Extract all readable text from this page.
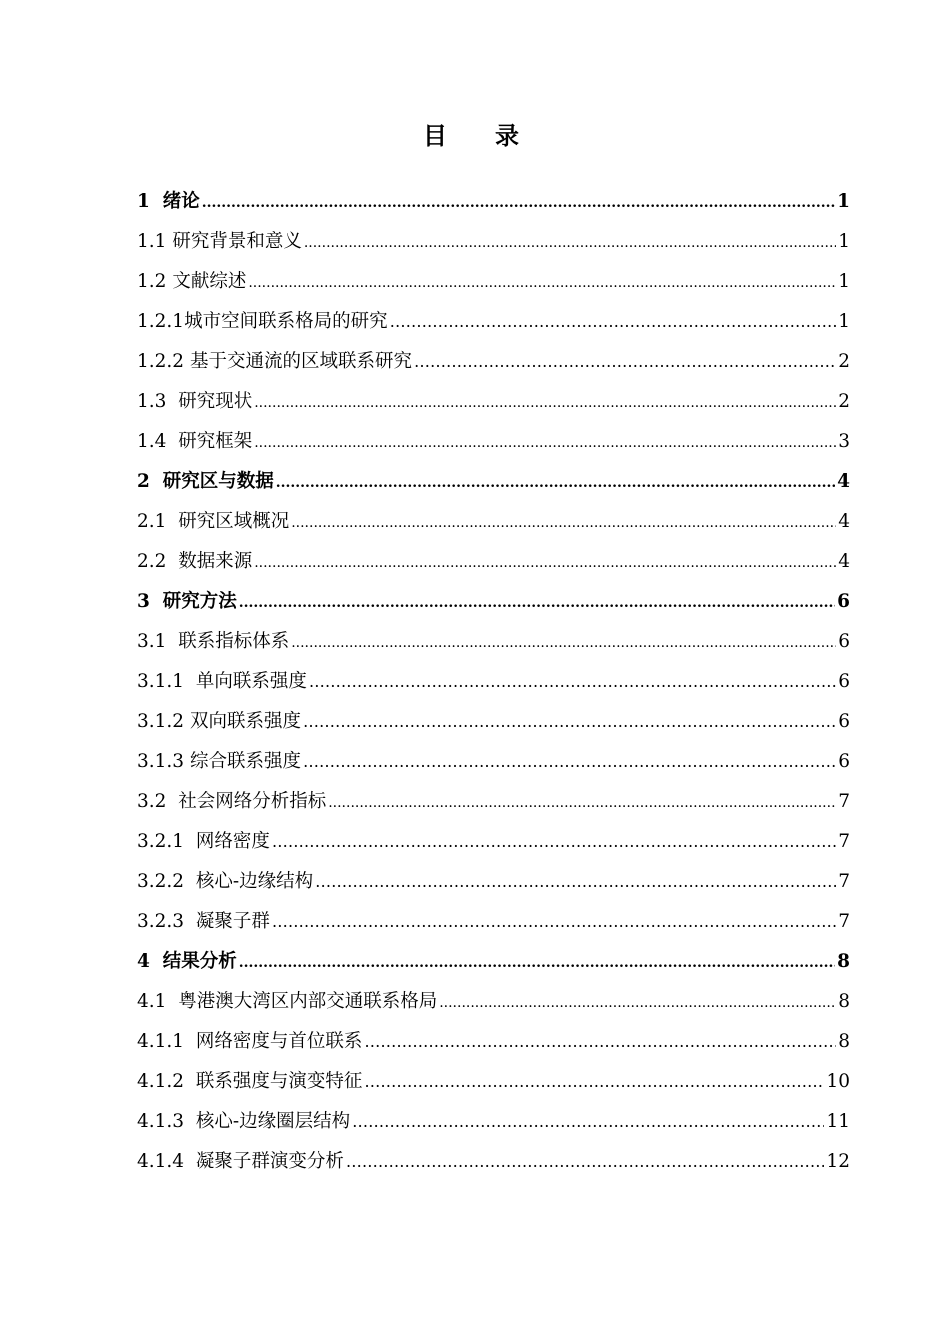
目录
1 绪论 .....	1
1.1 研究背景和意义 .....	1
1.2 文献综述 .....	1
1.2.1城市空间联系格局的研究 ……………………………………………………………………………………………………………………………………………………………………	1
1.2.2 基于交通流的区域联系研究 ……………………………………………………………………………………………………………………………………………………………………	2
1.3 研究现状 .....	2
1.4 研究框架 .....	3
2 研究区与数据 .....	4
2.1 研究区域概况 .....	4
2.2 数据来源 .....	4
3 研究方法 .....	6
3.1 联系指标体系 .....	6
3.1.1 单向联系强度 ……………………………………………………………………………………………………………………………………………………………………	6
3.1.2 双向联系强度 ……………………………………………………………………………………………………………………………………………………………………	6
3.1.3 综合联系强度 ……………………………………………………………………………………………………………………………………………………………………	6
3.2 社会网络分析指标 .....	7
3.2.1 网络密度 ……………………………………………………………………………………………………………………………………………………………………	7
3.2.2 核心-边缘结构 ……………………………………………………………………………………………………………………………………………………………………	7
3.2.3 凝聚子群 ……………………………………………………………………………………………………………………………………………………………………	7
4 结果分析 .....	8
4.1 粤港澳大湾区内部交通联系格局 .....	8
4.1.1 网络密度与首位联系 ……………………………………………………………………………………………………………………………………………………………………	8
4.1.2 联系强度与演变特征 ……………………………………………………………………………………………………………………………………………………………………	10
4.1.3 核心-边缘圈层结构 ……………………………………………………………………………………………………………………………………………………………………	11
4.1.4 凝聚子群演变分析 ……………………………………………………………………………………………………………………………………………………………………	12
